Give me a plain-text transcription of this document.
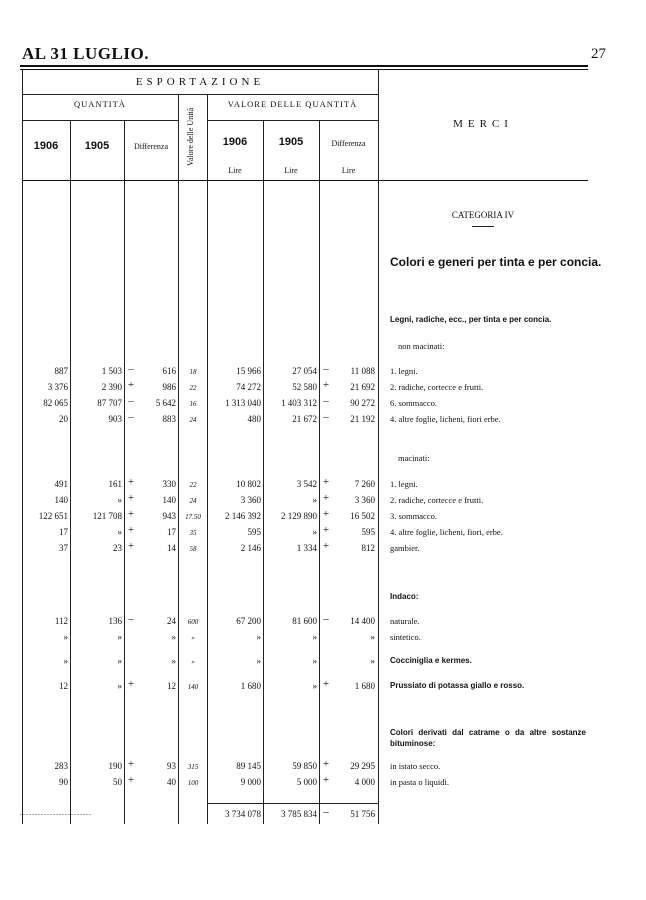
AL 31 LUGLIO.	27
ESPORTAZIONE
QUANTITÀ	VALORE DELLE QUANTITÀ
Valore delle Unità	MERCI
1906	1905	Differenza	1906	1905	Differenza
Lire	Lire	Lire
CATEGORIA IV
Colori e generi per tinta e per concia.
Legni, radiche, ecc., per tinta e per concia.
non macinati:
887	1 503 –	616	18	15 966	27 054 –	11 088 1. legni.
3 376	2 390 +	986	22	74 272	52 580 +	21 692 2. radiche, cortecce e frutti.
82 065	87 707 –	5 642	16	1 313 040	1 403 312 –	90 272 6. sommacco.
20	903 –	883	24	480	21 672 –	21 192 4. altre foglie, licheni, fiori erbe.
macinati:
491	161 +	330	22	10 802	3 542 +	7 260 1. legni.
140	» +	140	24	3 360	» +	3 360 2. radiche, cortecce e frutti.
122 651	121 708 +	943	17.50	2 146 392	2 129 890 +	16 502 3. sommacco.
17	» +	17	35	595	» +	595 4. altre foglie, licheni, fiori, erbe.
37	23 +	14	58	2 146	1 334 +	812 gambier.
Indaco:
112	136 –	24	600	67 200	81 600 –	14 400 naturale.
»	»	»	»	»	»	» sintetico.
»	»	»	»	»	»	» Cocciniglia e kermes.
12	» +	12	140	1 680	» +	1 680 Prussiato di potassa giallo e rosso.
Colori derivati dal catrame o da altre sostanze bituminose:
283	190 +	93	315	89 145	59 850 +	29 295 in istato secco.
90	50 +	40	100	9 000	5 000 +	4 000 in pasta o liquidi.
........................	3 734 078	3 785 834 –	51 756
